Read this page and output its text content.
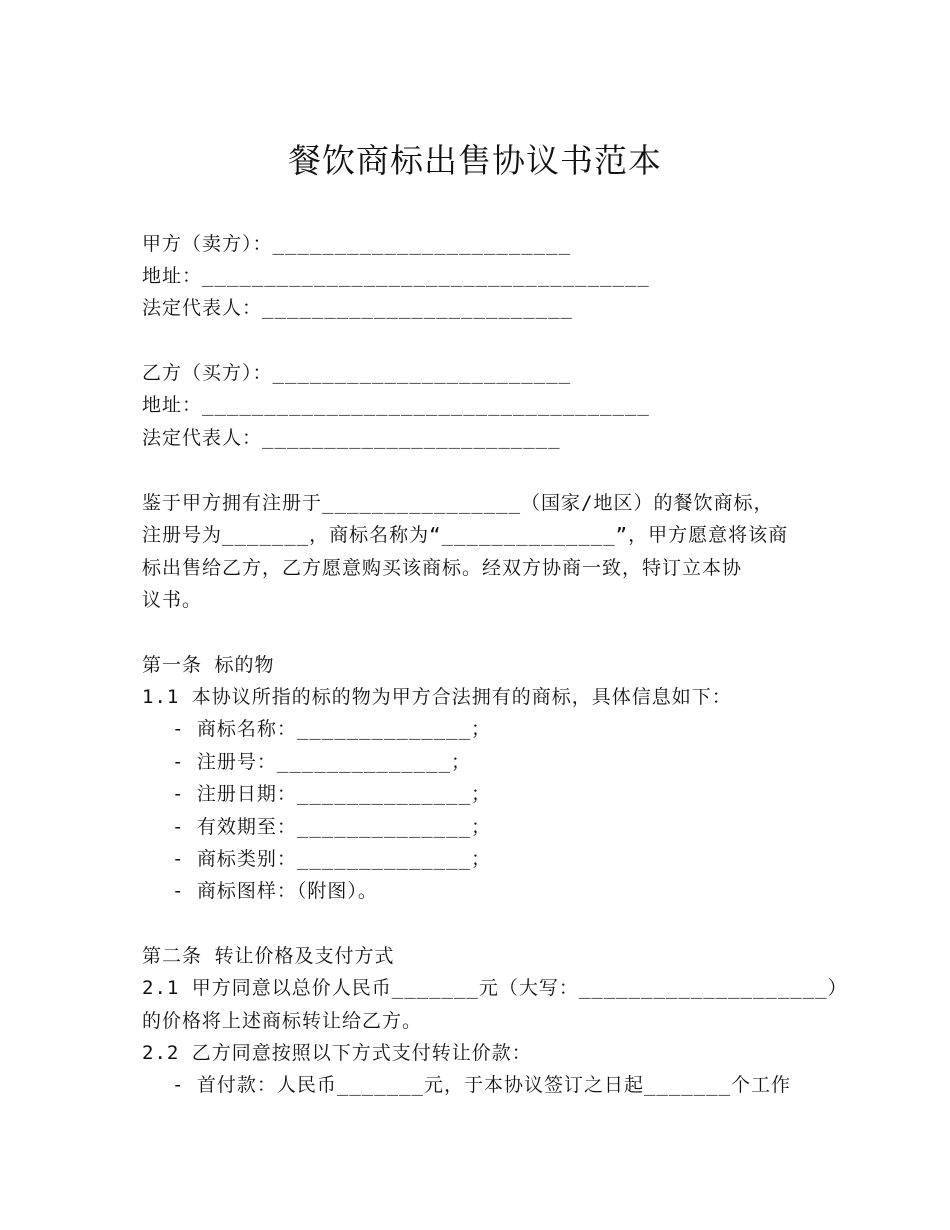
餐饮商标出售协议书范本
甲方（卖方）：________________________
地址：____________________________________
法定代表人：_________________________
乙方（买方）：________________________
地址：____________________________________
法定代表人：________________________
鉴于甲方拥有注册于________________（国家/地区）的餐饮商标，
注册号为_______，商标名称为“______________”，甲方愿意将该商
标出售给乙方，乙方愿意购买该商标。经双方协商一致，特订立本协
议书。
第一条 标的物
1.1 本协议所指的标的物为甲方合法拥有的商标，具体信息如下：
- 商标名称：______________；
- 注册号：______________；
- 注册日期：______________；
- 有效期至：______________；
- 商标类别：______________；
- 商标图样：（附图）。
第二条 转让价格及支付方式
2.1 甲方同意以总价人民币_______元（大写：____________________）
的价格将上述商标转让给乙方。
2.2 乙方同意按照以下方式支付转让价款：
- 首付款：人民币_______元，于本协议签订之日起_______个工作
